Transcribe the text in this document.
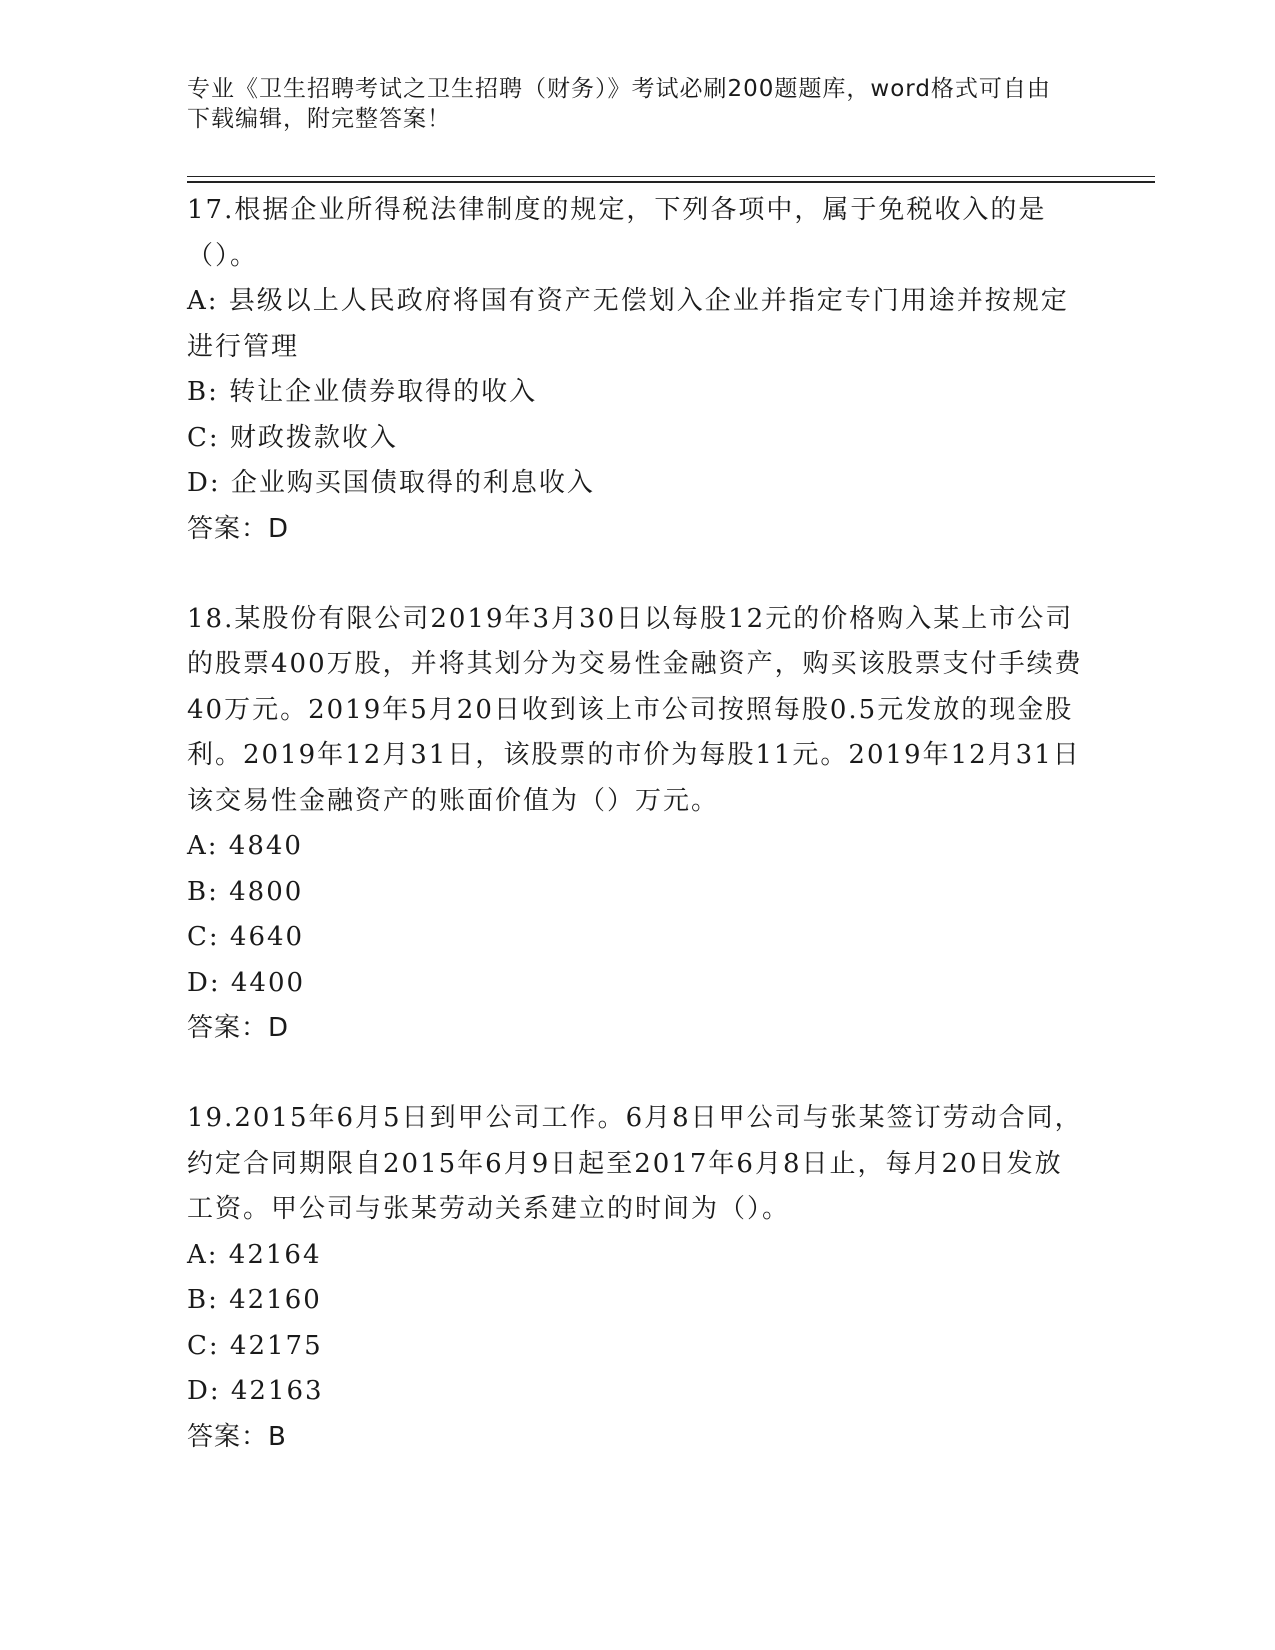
专业《卫生招聘考试之卫生招聘（财务）》考试必刷200题题库，word格式可自由下载编辑，附完整答案！

17.根据企业所得税法律制度的规定，下列各项中，属于免税收入的是（）。

A: 县级以上人民政府将国有资产无偿划入企业并指定专门用途并按规定进行管理

B: 转让企业债券取得的收入

C: 财政拨款收入

D: 企业购买国债取得的利息收入

答案：D

18.某股份有限公司2019年3月30日以每股12元的价格购入某上市公司的股票400万股，并将其划分为交易性金融资产，购买该股票支付手续费40万元。2019年5月20日收到该上市公司按照每股0.5元发放的现金股利。2019年12月31日，该股票的市价为每股11元。2019年12月31日该交易性金融资产的账面价值为（）万元。

A: 4840

B: 4800

C: 4640

D: 4400

答案：D

19.2015年6月5日到甲公司工作。6月8日甲公司与张某签订劳动合同，约定合同期限自2015年6月9日起至2017年6月8日止，每月20日发放工资。甲公司与张某劳动关系建立的时间为（）。

A: 42164

B: 42160

C: 42175

D: 42163

答案：B
